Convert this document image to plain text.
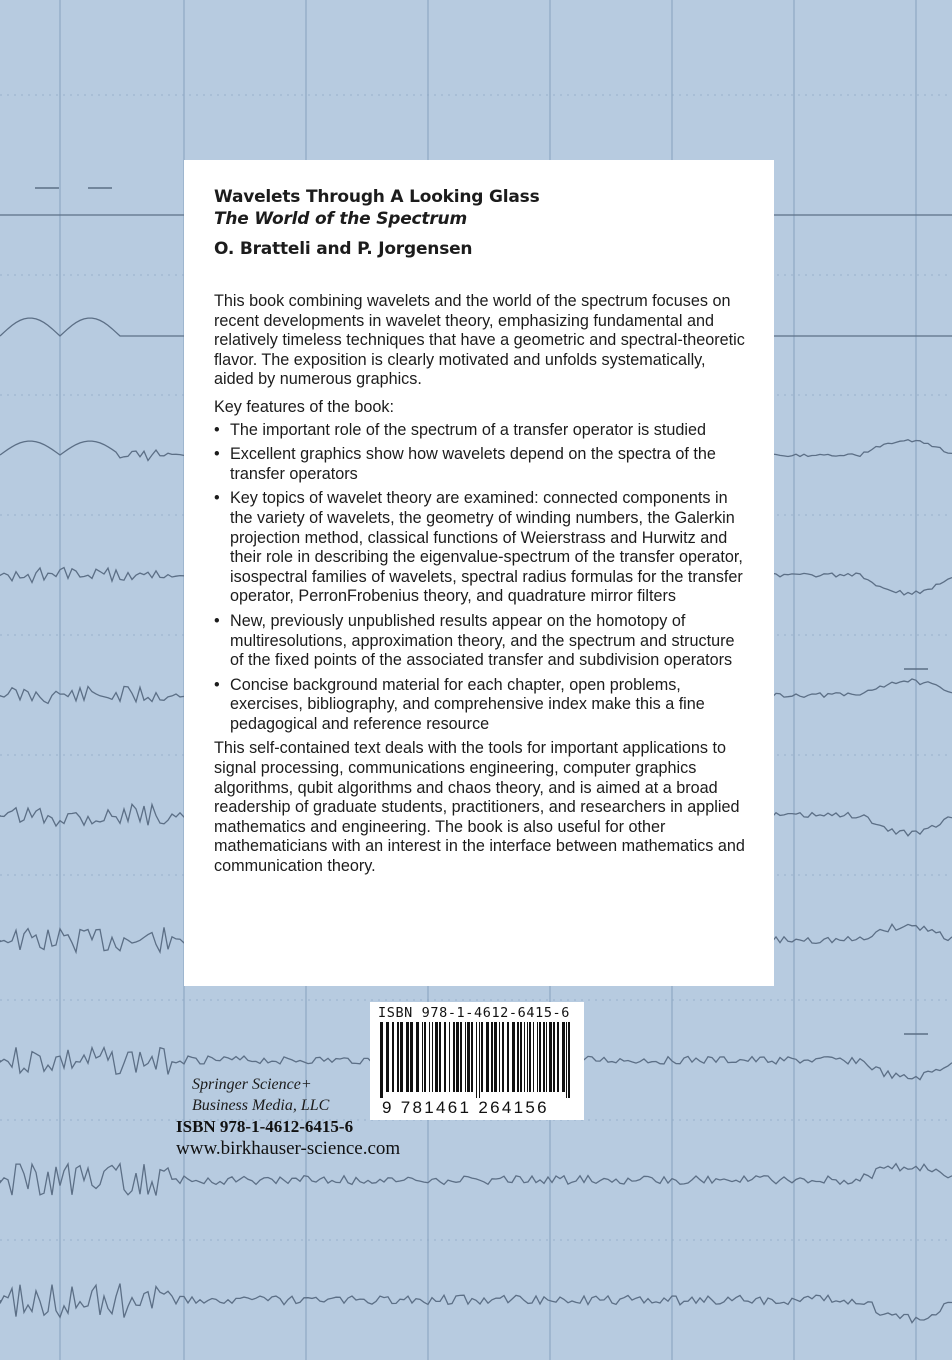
Wavelets Through A Looking Glass
The World of the Spectrum
O. Bratteli and P. Jorgensen
This book combining wavelets and the world of the spectrum focuses on recent developments in wavelet theory, emphasizing fundamental and relatively timeless techniques that have a geometric and spectral-theoretic flavor. The exposition is clearly motivated and unfolds systematically, aided by numerous graphics.
Key features of the book:
• The important role of the spectrum of a transfer operator is studied
• Excellent graphics show how wavelets depend on the spectra of the transfer operators
• Key topics of wavelet theory are examined: connected components in the variety of wavelets, the geometry of winding numbers, the Galerkin projection method, classical functions of Weierstrass and Hurwitz and their role in describing the eigenvalue-spectrum of the transfer operator, isospectral families of wavelets, spectral radius formulas for the transfer operator, PerronFrobenius theory, and quadrature mirror filters
• New, previously unpublished results appear on the homotopy of multiresolutions, approximation theory, and the spectrum and structure of the fixed points of the associated transfer and subdivision operators
• Concise background material for each chapter, open problems, exercises, bibliography, and comprehensive index make this a fine pedagogical and reference resource
This self-contained text deals with the tools for important applications to signal processing, communications engineering, computer graphics algorithms, qubit algorithms and chaos theory, and is aimed at a broad readership of graduate students, practitioners, and researchers in applied mathematics and engineering. The book is also useful for other mathematicians with an interest in the interface between mathematics and communication theory.
ISBN 978-1-4612-6415-6
9 781461 264156
Springer Science+
Business Media, LLC
ISBN 978-1-4612-6415-6
www.birkhauser-science.com
